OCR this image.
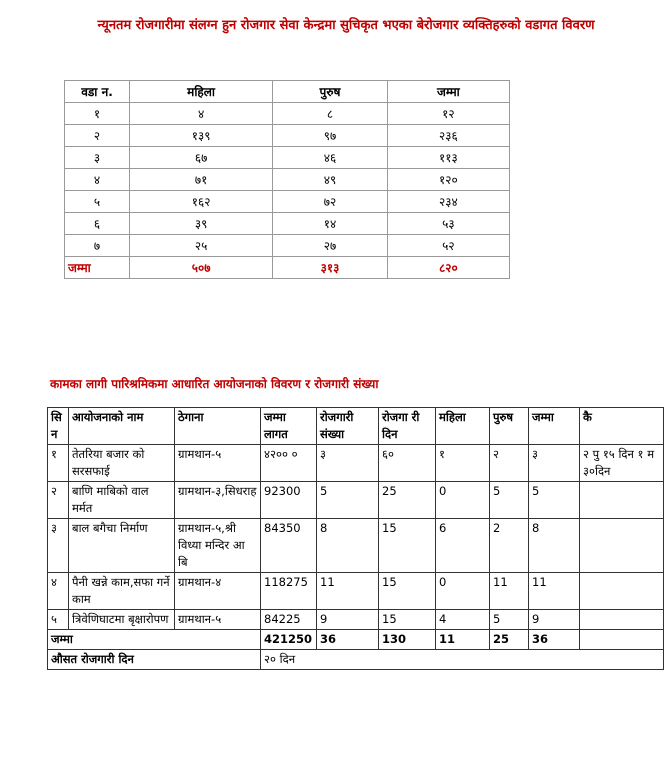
न्यूनतम रोजगारीमा संलग्न हुन रोजगार सेवा केन्द्रमा सुचिकृत भएका बेरोजगार व्यक्तिहरुको वडागत विवरण
वडा न.	महिला	पुरुष	जम्मा
१	४	८	१२
२	१३९	९७	२३६
३	६७	४६	११३
४	७१	४९	१२०
५	१६२	७२	२३४
६	३९	१४	५३
७	२५	२७	५२
जम्मा	५०७	३१३	८२०
कामका लागी पारिश्रमिकमा आधारित आयोजनाको विवरण र रोजगारी संख्या
सि न	आयोजनाको नाम	ठेगाना	जम्मा लागत	रोजगारी संख्या	रोजगा री दिन	महिला	पुरुष	जम्मा	कै
१	तेतरिया बजार को सरसफाई	ग्रामथान-५	४२०० ०	३	६०	१	२	३	२ पु १५ दिन १ म ३०दिन
२	बाणि माबिको वाल मर्मत	ग्रामथान-३,सिधराह	92300	5	25	0	5	5	
३	बाल बगैचा निर्माण	ग्रामथान-५,श्री विध्या मन्दिर आ बि	84350	8	15	6	2	8	
४	पैनी खन्ने काम,सफा गर्ने काम	ग्रामथान-४	118275	11	15	0	11	11	
५	त्रिवेणिघाटमा बृक्षारोपण	ग्रामथान-५	84225	9	15	4	5	9	
जम्मा			421250	36	130	11	25	36	
औसत रोजगारी दिन			२० दिन						
